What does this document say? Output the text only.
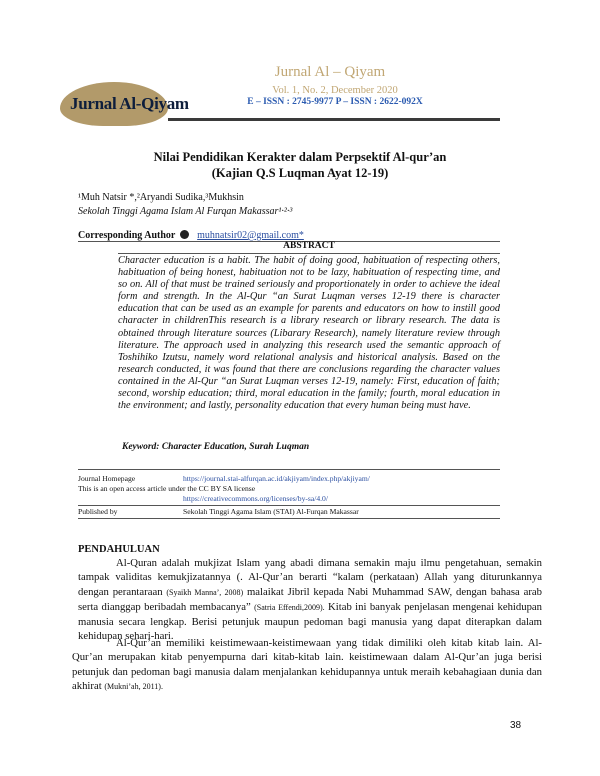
Jurnal Al-Qiyam
Jurnal Al – Qiyam
Vol. 1, No. 2, December 2020
E – ISSN : 2745-9977 P – ISSN : 2622-092X
Nilai Pendidikan Kerakter dalam Perpsektif Al-qur’an
(Kajian Q.S Luqman Ayat 12-19)
¹Muh Natsir *,²Aryandi Sudika,³Mukhsin
Sekolah Tinggi Agama Islam Al Furqan Makassar¹·²·³
Corresponding Author muhnatsir02@gmail.com*
ABSTRACT
Character education is a habit. The habit of doing good, habituation of respecting others, habituation of being honest, habituation not to be lazy, habituation of respecting time, and so on. All of that must be trained seriously and proportionately in order to achieve the ideal form and strength. In the Al-Qur “an Surat Luqman verses 12-19 there is character education that can be used as an example for parents and educators on how to instill good character in childrenThis research is a library research or library research. The data is obtained through literature sources (Libarary Research), namely literature review through literature. The approach used in analyzing this research used the semantic approach of Toshihiko Izutsu, namely word relational analysis and historical analysis. Based on the research conducted, it was found that there are conclusions regarding the character values contained in the Al-Qur “an Surat Luqman verses 12-19, namely: First, education of faith; second, worship education; third, moral education in the family; fourth, moral education in the environment; and lastly, personality education that every human being must have.
Keyword: Character Education, Surah Luqman
Journal Homepage	https://journal.stai-alfurqan.ac.id/akjiyam/index.php/akjiyam/
This is an open access article under the CC BY SA license
https://creativecommons.org/licenses/by-sa/4.0/
Published by	Sekolah Tinggi Agama Islam (STAI) Al-Furqan Makassar
PENDAHULUAN
Al-Quran adalah mukjizat Islam yang abadi dimana semakin maju ilmu pengetahuan, semakin tampak validitas kemukjizatannya (. Al-Qur’an berarti “kalam (perkataan) Allah yang diturunkannya dengan perantaraan (Syaikh Manna’, 2008) malaikat Jibril kepada Nabi Muhammad SAW, dengan bahasa arab serta dianggap beribadah membacanya” (Satria Effendi,2009). Kitab ini banyak penjelasan mengenai kehidupan manusia secara lengkap. Berisi petunjuk maupun pedoman bagi manusia yang dapat diterapkan dalam kehidupan sehari-hari.
Al-Qur’an memiliki keistimewaan-keistimewaan yang tidak dimiliki oleh kitab kitab lain. Al-Qur’an merupakan kitab penyempurna dari kitab-kitab lain. keistimewaan dalam Al-Qur’an juga berisi petunjuk dan pedoman bagi manusia dalam menjalankan kehidupannya untuk meraih kebahagiaan dunia dan akhirat (Mukni’ah, 2011).
38
